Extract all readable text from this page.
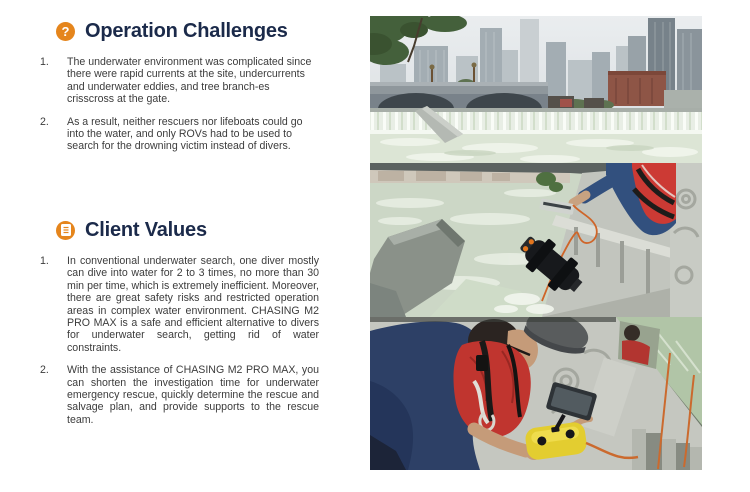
? Operation Challenges
1.	The underwater environment was complicated since there were rapid currents at the site, undercurrents and underwater eddies, and tree branch-es crisscross at the gate.
2.	As a result, neither rescuers nor lifeboats could go into the water, and only ROVs had to be used to search for the drowning victim instead of divers.
Client Values
1.	In conventional underwater search, one diver mostly can dive into water for 2 to 3 times, no more than 30 min per time, which is extremely inefficient. Moreover, there are great safety risks and restricted operation areas in complex water environment. CHASING M2 PRO MAX is a safe and efficient alternative to divers for underwater search, getting rid of water constraints.
2.	With the assistance of CHASING M2 PRO MAX, you can shorten the investigation time for underwater emergency rescue, quickly determine the rescue and salvage plan, and provide supports to the rescue team.
